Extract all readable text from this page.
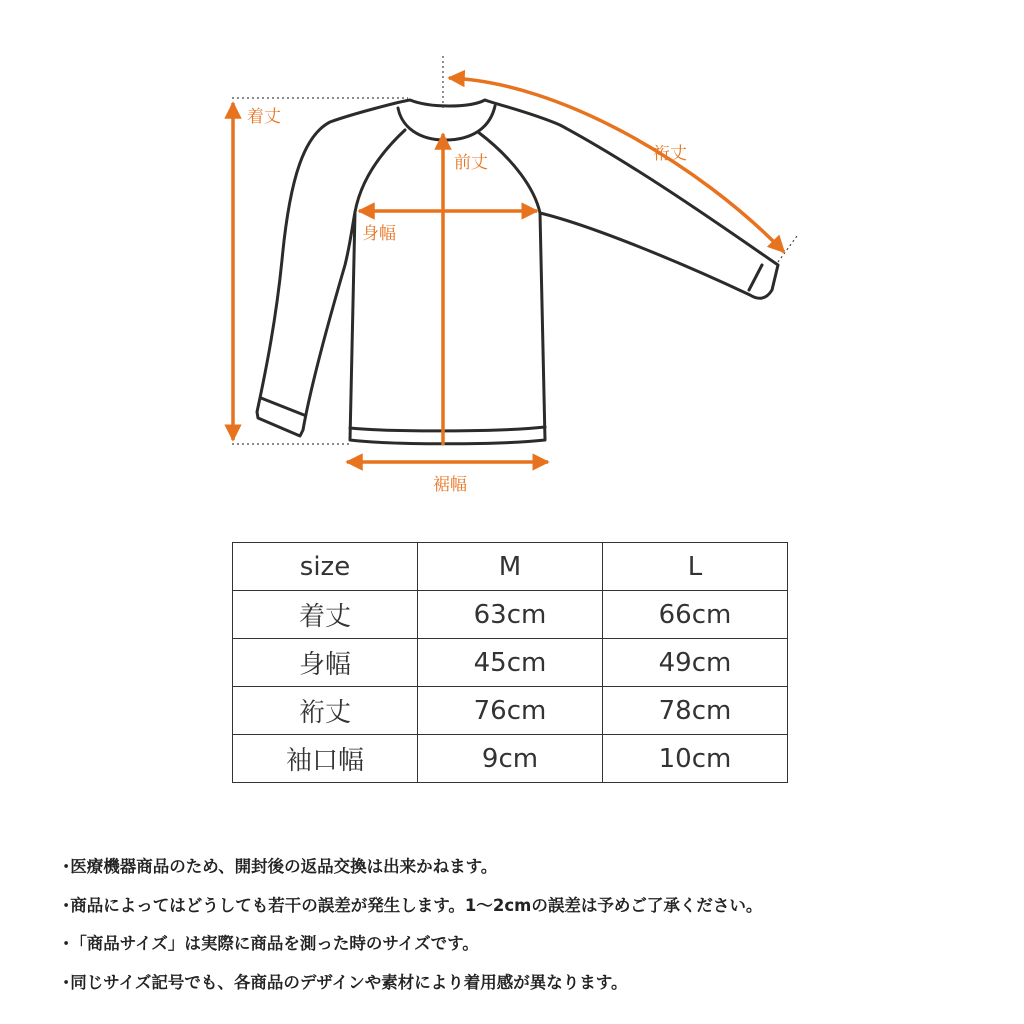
着丈
前丈	裄丈
身幅
裾幅
size	M	L
着丈	63cm	66cm
身幅	45cm	49cm
裄丈	76cm	78cm
袖口幅	9cm	10cm
･医療機器商品のため、開封後の返品交換は出来かねます。
･商品によってはどうしても若干の誤差が発生します。1〜2cmの誤差は予めご了承ください。
･「商品サイズ」は実際に商品を測った時のサイズです。
･同じサイズ記号でも、各商品のデザインや素材により着用感が異なります。
